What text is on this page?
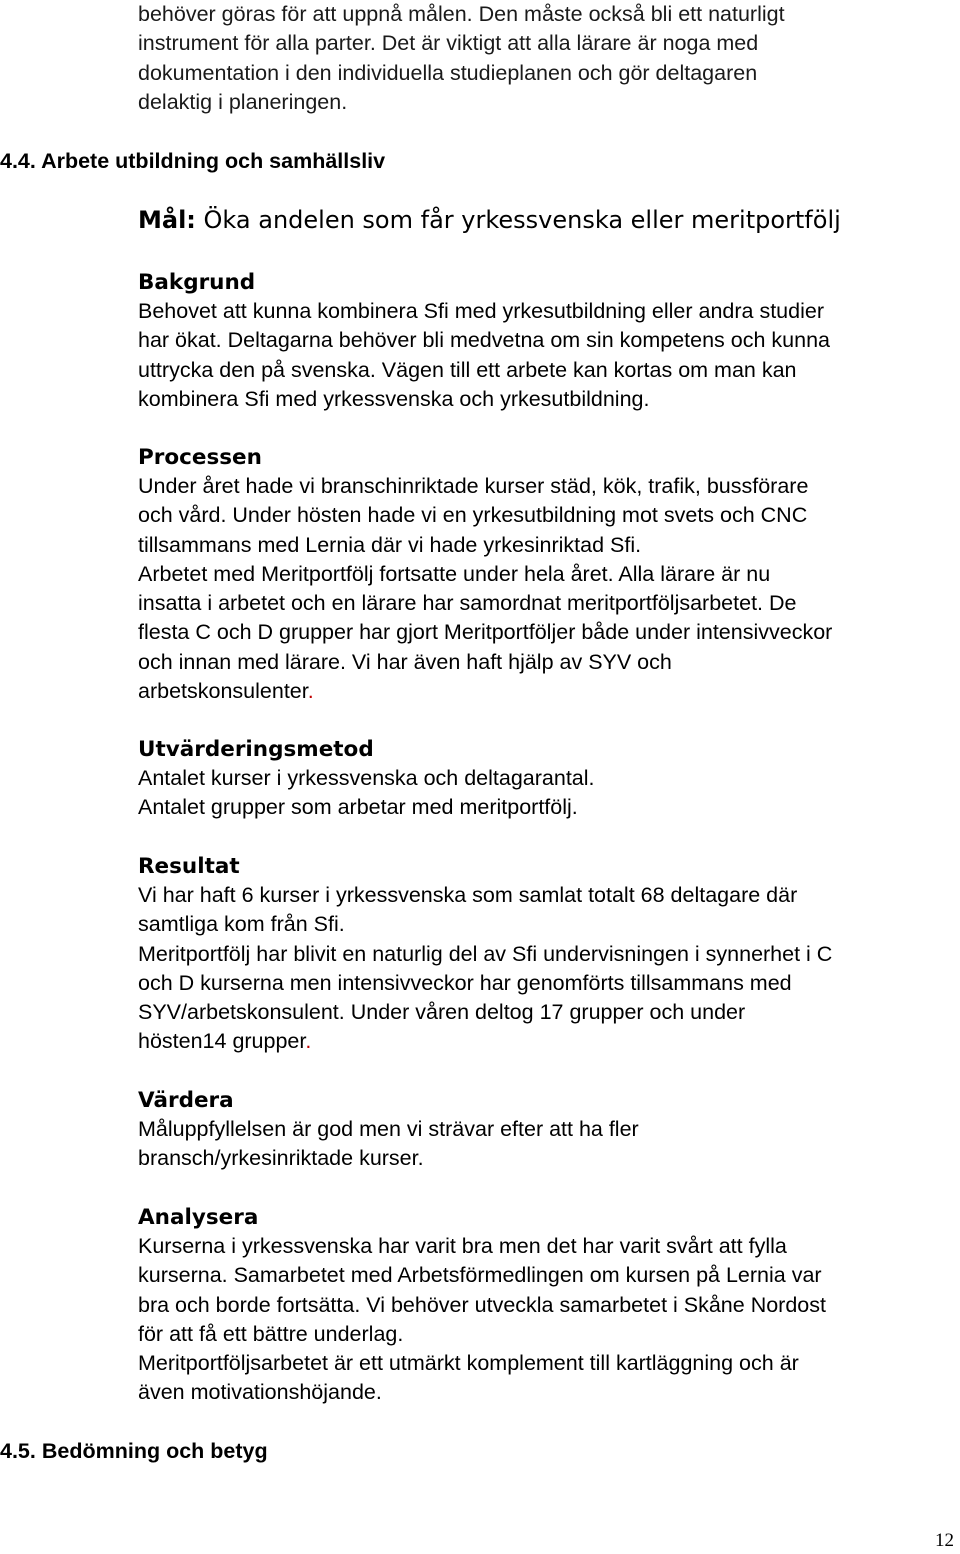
behöver göras för att uppnå målen. Den måste också bli ett naturligt
instrument för alla parter. Det är viktigt att alla lärare är noga med
dokumentation i den individuella studieplanen och gör deltagaren
delaktig i planeringen.

4.4. Arbete utbildning och samhällsliv

Mål: Öka andelen som får yrkessvenska eller meritportfölj

Bakgrund

Behovet att kunna kombinera Sfi med yrkesutbildning eller andra studier
har ökat. Deltagarna behöver bli medvetna om sin kompetens och kunna
uttrycka den på svenska. Vägen till ett arbete kan kortas om man kan
kombinera Sfi med yrkessvenska och yrkesutbildning.

Processen

Under året hade vi branschinriktade kurser städ, kök, trafik, bussförare
och vård. Under hösten hade vi en yrkesutbildning mot svets och CNC
tillsammans med Lernia där vi hade yrkesinriktad Sfi.
Arbetet med Meritportfölj fortsatte under hela året. Alla lärare är nu
insatta i arbetet och en lärare har samordnat meritportföljsarbetet. De
flesta C och D grupper har gjort Meritportföljer både under intensivveckor
och innan med lärare. Vi har även haft hjälp av SYV och
arbetskonsulenter.

Utvärderingsmetod

Antalet kurser i yrkessvenska och deltagarantal.
Antalet grupper som arbetar med meritportfölj.

Resultat

Vi har haft 6 kurser i yrkessvenska som samlat totalt 68 deltagare där
samtliga kom från Sfi.
Meritportfölj har blivit en naturlig del av Sfi undervisningen i synnerhet i C
och D kurserna men intensivveckor har genomförts tillsammans med
SYV/arbetskonsulent. Under våren deltog 17 grupper och under
hösten14 grupper.

Värdera

Måluppfyllelsen är god men vi strävar efter att ha fler
bransch/yrkesinriktade kurser.

Analysera

Kurserna i yrkessvenska har varit bra men det har varit svårt att fylla
kurserna. Samarbetet med Arbetsförmedlingen om kursen på Lernia var
bra och borde fortsätta. Vi behöver utveckla samarbetet i Skåne Nordost
för att få ett bättre underlag.
Meritportföljsarbetet är ett utmärkt komplement till kartläggning och är
även motivationshöjande.

4.5. Bedömning och betyg

12
